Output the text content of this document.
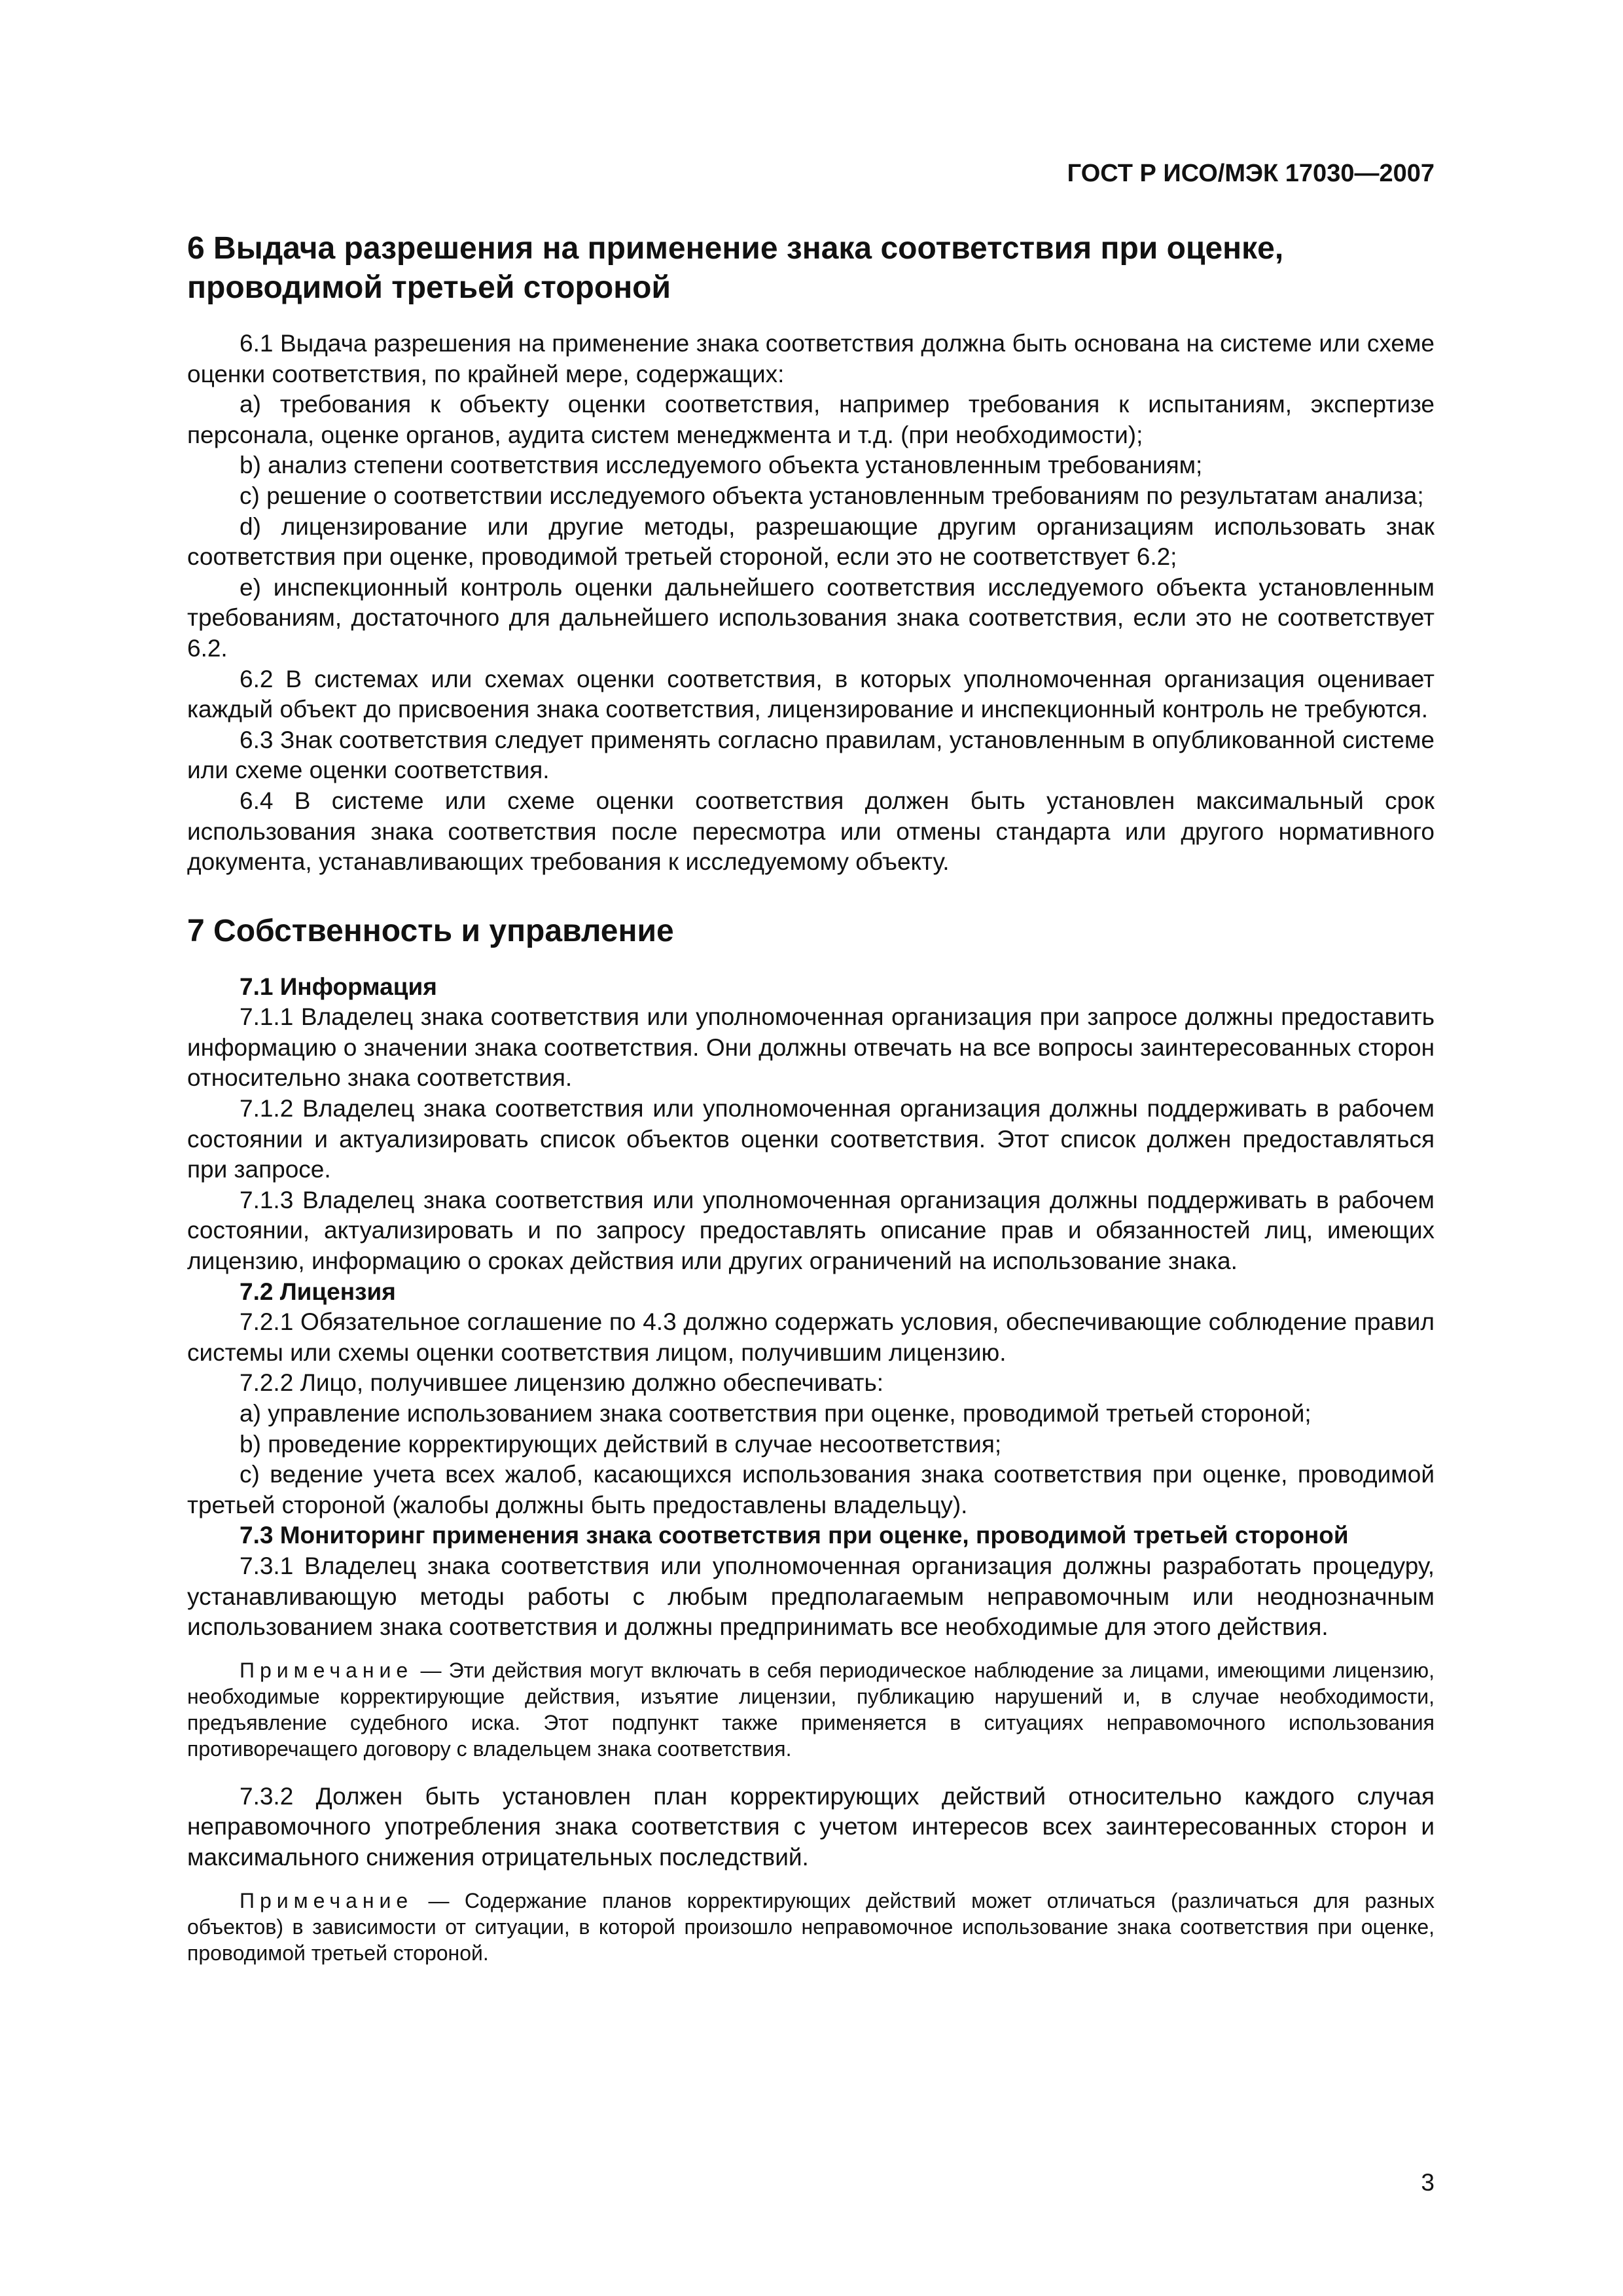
ГОСТ Р ИСО/МЭК 17030—2007
6 Выдача разрешения на применение знака соответствия при оценке, проводимой третьей стороной

6.1 Выдача разрешения на применение знака соответствия должна быть основана на системе или схеме оценки соответствия, по крайней мере, содержащих:

а) требования к объекту оценки соответствия, например требования к испытаниям, экспертизе персонала, оценке органов, аудита систем менеджмента и т.д. (при необходимости);

b) анализ степени соответствия исследуемого объекта установленным требованиям;

с) решение о соответствии исследуемого объекта установленным требованиям по результатам анализа;

d) лицензирование или другие методы, разрешающие другим организациям использовать знак соответствия при оценке, проводимой третьей стороной, если это не соответствует 6.2;

е) инспекционный контроль оценки дальнейшего соответствия исследуемого объекта установленным требованиям, достаточного для дальнейшего использования знака соответствия, если это не соответствует 6.2.

6.2 В системах или схемах оценки соответствия, в которых уполномоченная организация оценивает каждый объект до присвоения знака соответствия, лицензирование и инспекционный контроль не требуются.

6.3 Знак соответствия следует применять согласно правилам, установленным в опубликованной системе или схеме оценки соответствия.

6.4 В системе или схеме оценки соответствия должен быть установлен максимальный срок использования знака соответствия после пересмотра или отмены стандарта или другого нормативного документа, устанавливающих требования к исследуемому объекту.

7 Собственность и управление
7.1 Информация

7.1.1 Владелец знака соответствия или уполномоченная организация при запросе должны предоставить информацию о значении знака соответствия. Они должны отвечать на все вопросы заинтересованных сторон относительно знака соответствия.

7.1.2 Владелец знака соответствия или уполномоченная организация должны поддерживать в рабочем состоянии и актуализировать список объектов оценки соответствия. Этот список должен предоставляться при запросе.

7.1.3 Владелец знака соответствия или уполномоченная организация должны поддерживать в рабочем состоянии, актуализировать и по запросу предоставлять описание прав и обязанностей лиц, имеющих лицензию, информацию о сроках действия или других ограничений на использование знака.

7.2 Лицензия

7.2.1 Обязательное соглашение по 4.3 должно содержать условия, обеспечивающие соблюдение правил системы или схемы оценки соответствия лицом, получившим лицензию.

7.2.2 Лицо, получившее лицензию должно обеспечивать:

а) управление использованием знака соответствия при оценке, проводимой третьей стороной;

b) проведение корректирующих действий в случае несоответствия;

с) ведение учета всех жалоб, касающихся использования знака соответствия при оценке, проводимой третьей стороной (жалобы должны быть предоставлены владельцу).

7.3 Мониторинг применения знака соответствия при оценке, проводимой третьей стороной

7.3.1 Владелец знака соответствия или уполномоченная организация должны разработать процедуру, устанавливающую методы работы с любым предполагаемым неправомочным или неоднозначным использованием знака соответствия и должны предпринимать все необходимые для этого действия.

Примечание — Эти действия могут включать в себя периодическое наблюдение за лицами, имеющими лицензию, необходимые корректирующие действия, изъятие лицензии, публикацию нарушений и, в случае необходимости, предъявление судебного иска. Этот подпункт также применяется в ситуациях неправомочного использования противоречащего договору с владельцем знака соответствия.

7.3.2 Должен быть установлен план корректирующих действий относительно каждого случая неправомочного употребления знака соответствия с учетом интересов всех заинтересованных сторон и максимального снижения отрицательных последствий.

Примечание — Содержание планов корректирующих действий может отличаться (различаться для разных объектов) в зависимости от ситуации, в которой произошло неправомочное использование знака соответствия при оценке, проводимой третьей стороной.
3
